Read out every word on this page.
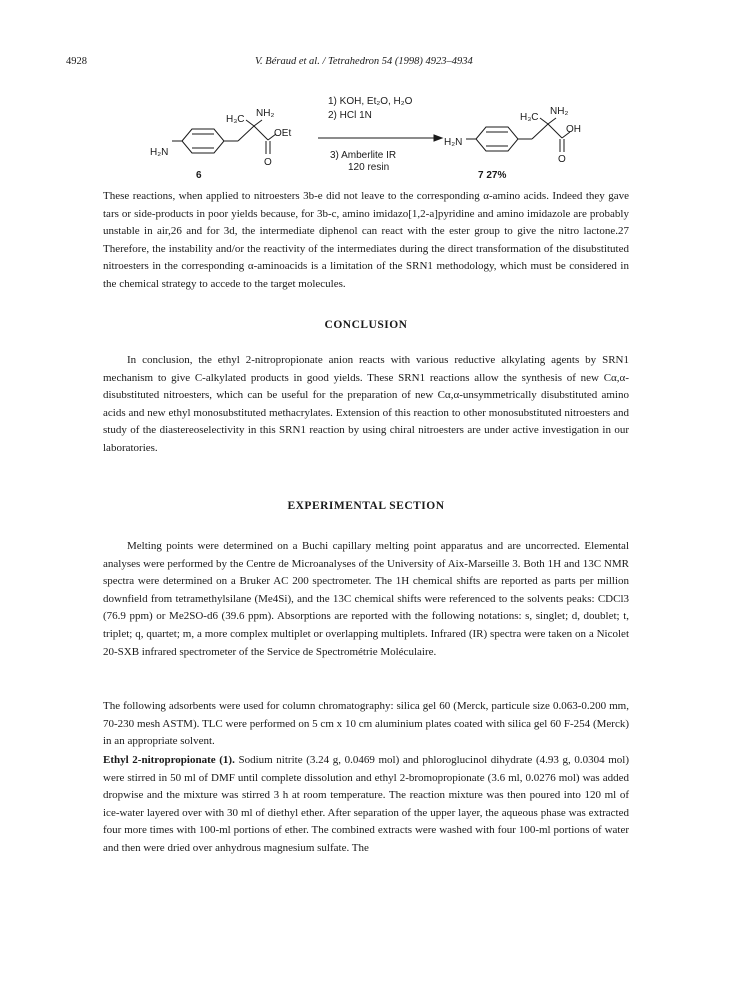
4928	V. Béraud et al. / Tetrahedron 54 (1998) 4923–4934
H₂N
H₃C
NH₂
OEt
O
6
1) KOH, Et₂O, H₂O
2) HCl 1N
3) Amberlite IR
120 resin
H₂N
H₃C
NH₂
OH
O
7 27%

These reactions, when applied to nitroesters 3b-e did not leave to the corresponding α-amino acids. Indeed they gave tars or side-products in poor yields because, for 3b-c, amino imidazo[1,2-a]pyridine and amino imidazole are probably unstable in air,26 and for 3d, the intermediate diphenol can react with the ester group to give the nitro lactone.27 Therefore, the instability and/or the reactivity of the intermediates during the direct transformation of the disubstituted nitroesters in the corresponding α-aminoacids is a limitation of the SRN1 methodology, which must be considered in the chemical strategy to accede to the target molecules.

CONCLUSION

In conclusion, the ethyl 2-nitropropionate anion reacts with various reductive alkylating agents by SRN1 mechanism to give C-alkylated products in good yields. These SRN1 reactions allow the synthesis of new Cα,α-disubstituted nitroesters, which can be useful for the preparation of new Cα,α-unsymmetrically disubstituted amino acids and new ethyl monosubstituted methacrylates. Extension of this reaction to other monosubstituted nitroesters and study of the diastereoselectivity in this SRN1 reaction by using chiral nitroesters are under active investigation in our laboratories.

EXPERIMENTAL SECTION

Melting points were determined on a Buchi capillary melting point apparatus and are uncorrected. Elemental analyses were performed by the Centre de Microanalyses of the University of Aix-Marseille 3. Both 1H and 13C NMR spectra were determined on a Bruker AC 200 spectrometer. The 1H chemical shifts are reported as parts per million downfield from tetramethylsilane (Me4Si), and the 13C chemical shifts were referenced to the solvents peaks: CDCl3 (76.9 ppm) or Me2SO-d6 (39.6 ppm). Absorptions are reported with the following notations: s, singlet; d, doublet; t, triplet; q, quartet; m, a more complex multiplet or overlapping multiplets. Infrared (IR) spectra were taken on a Nicolet 20-SXB infrared spectrometer of the Service de Spectrométrie Moléculaire.

The following adsorbents were used for column chromatography: silica gel 60 (Merck, particule size 0.063-0.200 mm, 70-230 mesh ASTM). TLC were performed on 5 cm x 10 cm aluminium plates coated with silica gel 60 F-254 (Merck) in an appropriate solvent.

Ethyl 2-nitropropionate (1). Sodium nitrite (3.24 g, 0.0469 mol) and phloroglucinol dihydrate (4.93 g, 0.0304 mol) were stirred in 50 ml of DMF until complete dissolution and ethyl 2-bromopropionate (3.6 ml, 0.0276 mol) was added dropwise and the mixture was stirred 3 h at room temperature. The reaction mixture was then poured into 120 ml of ice-water layered over with 30 ml of diethyl ether. After separation of the upper layer, the aqueous phase was extracted four more times with 100-ml portions of ether. The combined extracts were washed with four 100-ml portions of water and then were dried over anhydrous magnesium sulfate. The
